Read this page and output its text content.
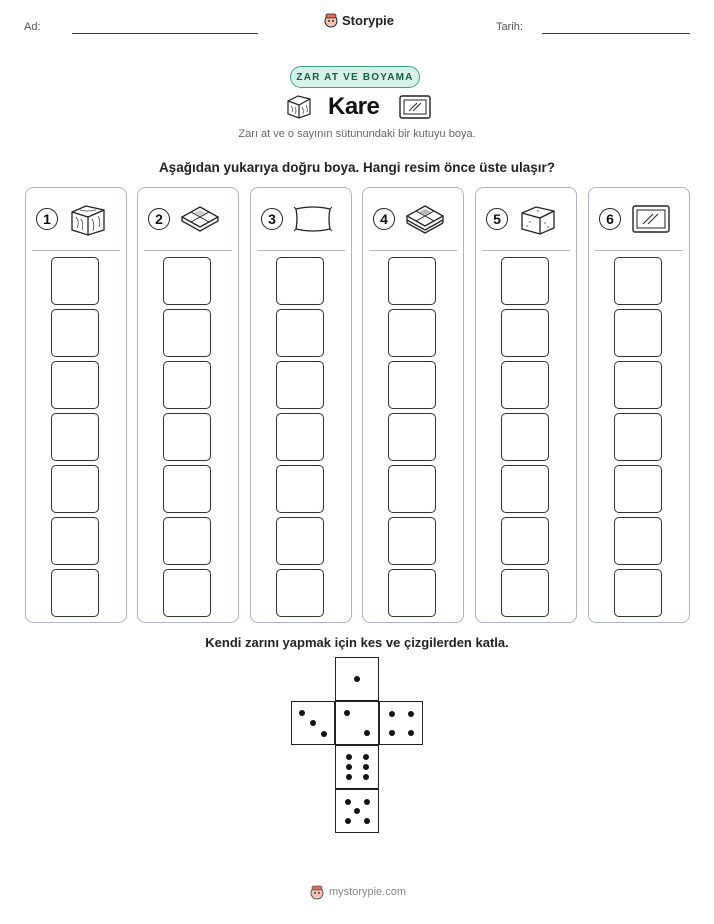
Ad:	Storypie	Tarih:
ZAR AT VE BOYAMA
Kare
Zarı at ve o sayının sütunundaki bir kutuyu boya.
Aşağıdan yukarıya doğru boya. Hangi resim önce üste ulaşır?
1	2	3	4	5	6
Kendi zarını yapmak için kes ve çizgilerden katla.
mystorypie.com
